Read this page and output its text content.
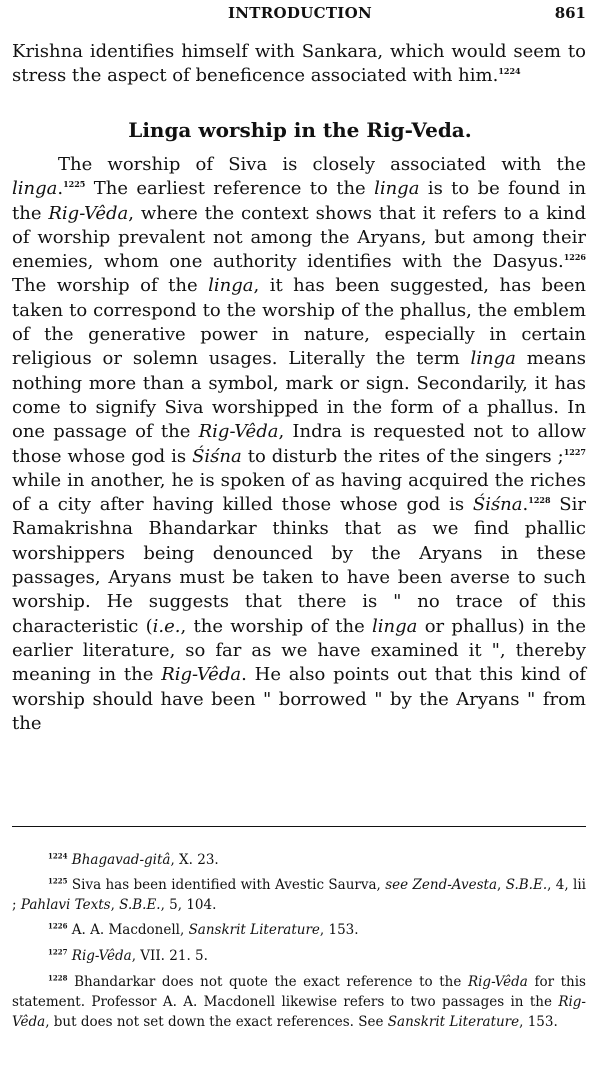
INTRODUCTION	861

Krishna identifies himself with Sankara, which would seem to stress the aspect of beneficence associated with him.$^{1224}$

Linga worship in the Rig-Veda.

The worship of Siva is closely associated with the linga.$^{1225}$ The earliest reference to the linga is to be found in the Rig-Vêda, where the context shows that it refers to a kind of worship prevalent not among the Aryans, but among their enemies, whom one authority identifies with the Dasyus.$^{1226}$ The worship of the linga, it has been suggested, has been taken to correspond to the worship of the phallus, the emblem of the generative power in nature, especially in certain religious or solemn usages. Literally the term linga means nothing more than a symbol, mark or sign. Secondarily, it has come to signify Siva worshipped in the form of a phallus. In one passage of the Rig-Vêda, Indra is requested not to allow those whose god is Śiśna to disturb the rites of the singers ;$^{1227}$ while in another, he is spoken of as having acquired the riches of a city after having killed those whose god is Śiśna.$^{1228}$ Sir Ramakrishna Bhandarkar thinks that as we find phallic worshippers being denounced by the Aryans in these passages, Aryans must be taken to have been averse to such worship. He suggests that there is " no trace of this characteristic (i.e., the worship of the linga or phallus) in the earlier literature, so far as we have examined it ", thereby meaning in the Rig-Vêda. He also points out that this kind of worship should have been " borrowed " by the Aryans " from the

$^{1224}$ Bhagavad-gitâ, X. 23.

$^{1225}$ Siva has been identified with Avestic Saurva, see Zend-Avesta, S.B.E., 4, lii ; Pahlavi Texts, S.B.E., 5, 104.

$^{1226}$ A. A. Macdonell, Sanskrit Literature, 153.

$^{1227}$ Rig-Vêda, VII. 21. 5.

$^{1228}$ Bhandarkar does not quote the exact reference to the Rig-Vêda for this statement. Professor A. A. Macdonell likewise refers to two passages in the Rig-Vêda, but does not set down the exact references. See Sanskrit Literature, 153.
